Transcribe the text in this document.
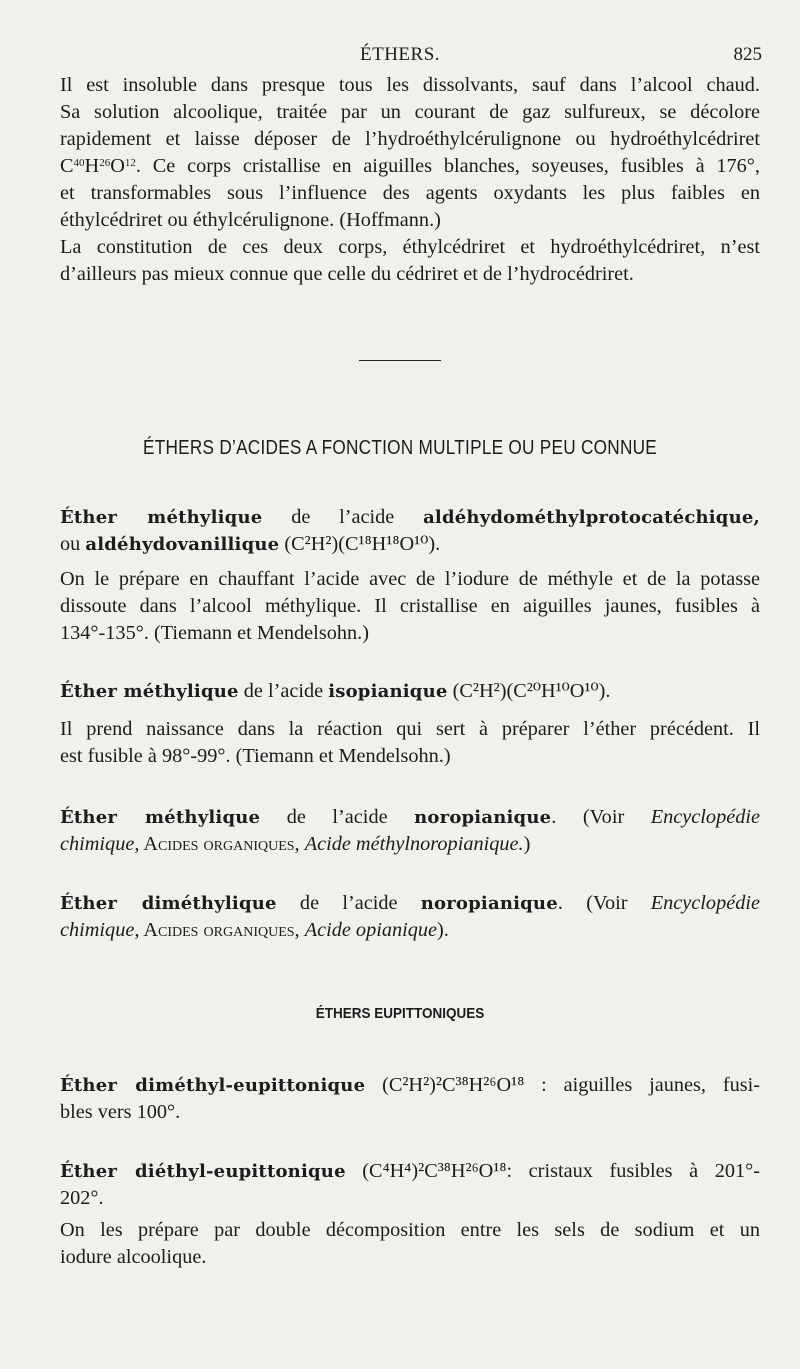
ÉTHERS.	825
Il est insoluble dans presque tous les dissolvants, sauf dans l’alcool chaud.
Sa solution alcoolique, traitée par un courant de gaz sulfureux, se décolore
rapidement et laisse déposer de l’hydroéthylcérulignone ou hydroéthylcédriret
$C^{40}H^{26}O^{12}$. Ce corps cristallise en aiguilles blanches, soyeuses, fusibles à 176°,
et transformables sous l’influence des agents oxydants les plus faibles en
éthylcédriret ou éthylcérulignone. (Hoffmann.)
La constitution de ces deux corps, éthylcédriret et hydroéthylcédriret, n’est
d’ailleurs pas mieux connue que celle du cédriret et de l’hydrocédriret.
ÉTHERS D’ACIDES A FONCTION MULTIPLE OU PEU CONNUE
Éther méthylique de l’acide aldéhydométhylprotocatéchique,
ou aldéhydovanillique (C²H²)(C¹⁸H¹⁸O¹⁰).
On le prépare en chauffant l’acide avec de l’iodure de méthyle et de la potasse
dissoute dans l’alcool méthylique. Il cristallise en aiguilles jaunes, fusibles à
134°-135°. (Tiemann et Mendelsohn.)
Éther méthylique de l’acide isopianique (C²H²)(C²⁰H¹⁰O¹⁰).
Il prend naissance dans la réaction qui sert à préparer l’éther précédent. Il
est fusible à 98°-99°. (Tiemann et Mendelsohn.)
Éther méthylique de l’acide noropianique. (Voir Encyclopédie
chimique, Acides organiques, Acide méthylnoropianique.)
Éther diméthylique de l’acide noropianique. (Voir Encyclopédie
chimique, Acides organiques, Acide opianique).
ÉTHERS EUPITTONIQUES
Éther diméthyl-eupittonique (C²H²)²C³⁸H²⁶O¹⁸ : aiguilles jaunes, fusi-
bles vers 100°.
Éther diéthyl-eupittonique (C⁴H⁴)²C³⁸H²⁶O¹⁸: cristaux fusibles à 201°-
202°.
On les prépare par double décomposition entre les sels de sodium et un
iodure alcoolique.
